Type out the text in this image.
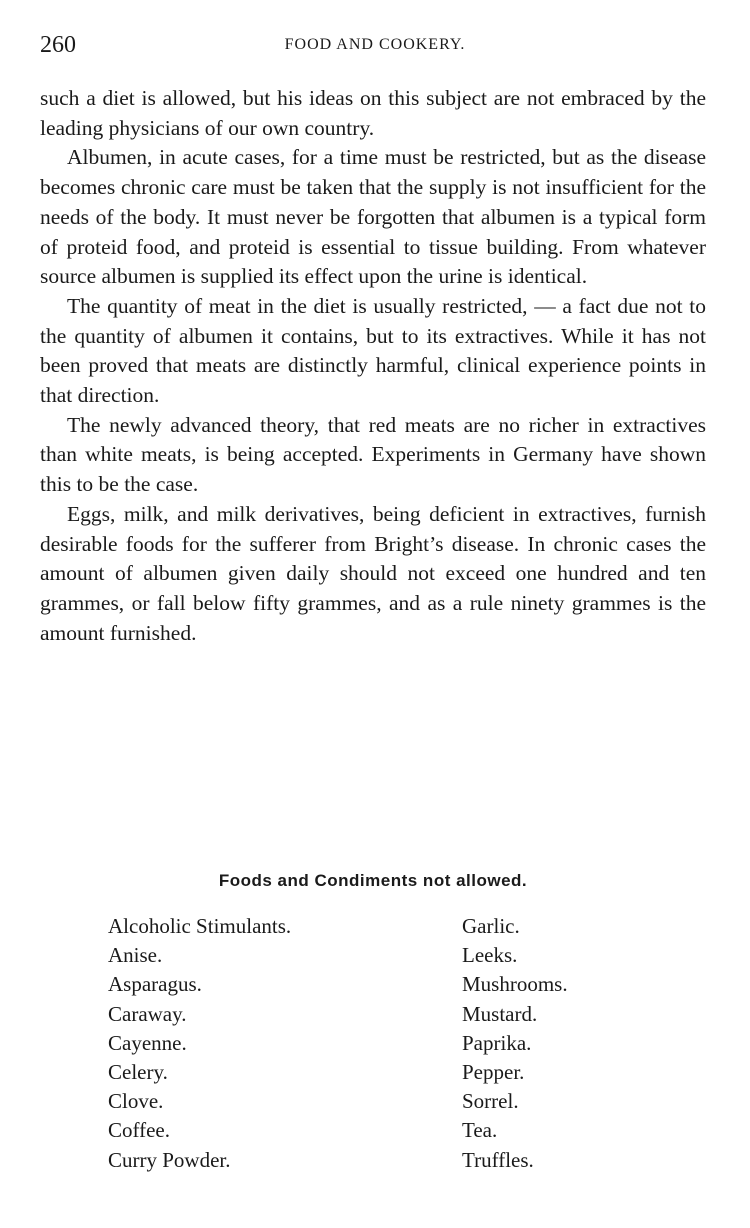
260	FOOD AND COOKERY.

such a diet is allowed, but his ideas on this subject are not embraced by the leading physicians of our own country.

Albumen, in acute cases, for a time must be restricted, but as the disease becomes chronic care must be taken that the supply is not insufficient for the needs of the body. It must never be forgotten that albumen is a typical form of proteid food, and proteid is essential to tissue building. From whatever source albumen is supplied its effect upon the urine is identical.

The quantity of meat in the diet is usually restricted, — a fact due not to the quantity of albumen it contains, but to its extractives. While it has not been proved that meats are distinctly harmful, clinical experience points in that direction.

The newly advanced theory, that red meats are no richer in extractives than white meats, is being accepted. Experiments in Germany have shown this to be the case.

Eggs, milk, and milk derivatives, being deficient in extractives, furnish desirable foods for the sufferer from Bright’s disease. In chronic cases the amount of albumen given daily should not exceed one hundred and ten grammes, or fall below fifty grammes, and as a rule ninety grammes is the amount furnished.

Foods and Condiments not allowed.
Alcoholic Stimulants.
Anise.
Asparagus.
Caraway.
Cayenne.
Celery.
Clove.
Coffee.
Curry Powder.
Garlic.
Leeks.
Mushrooms.
Mustard.
Paprika.
Pepper.
Sorrel.
Tea.
Truffles.
